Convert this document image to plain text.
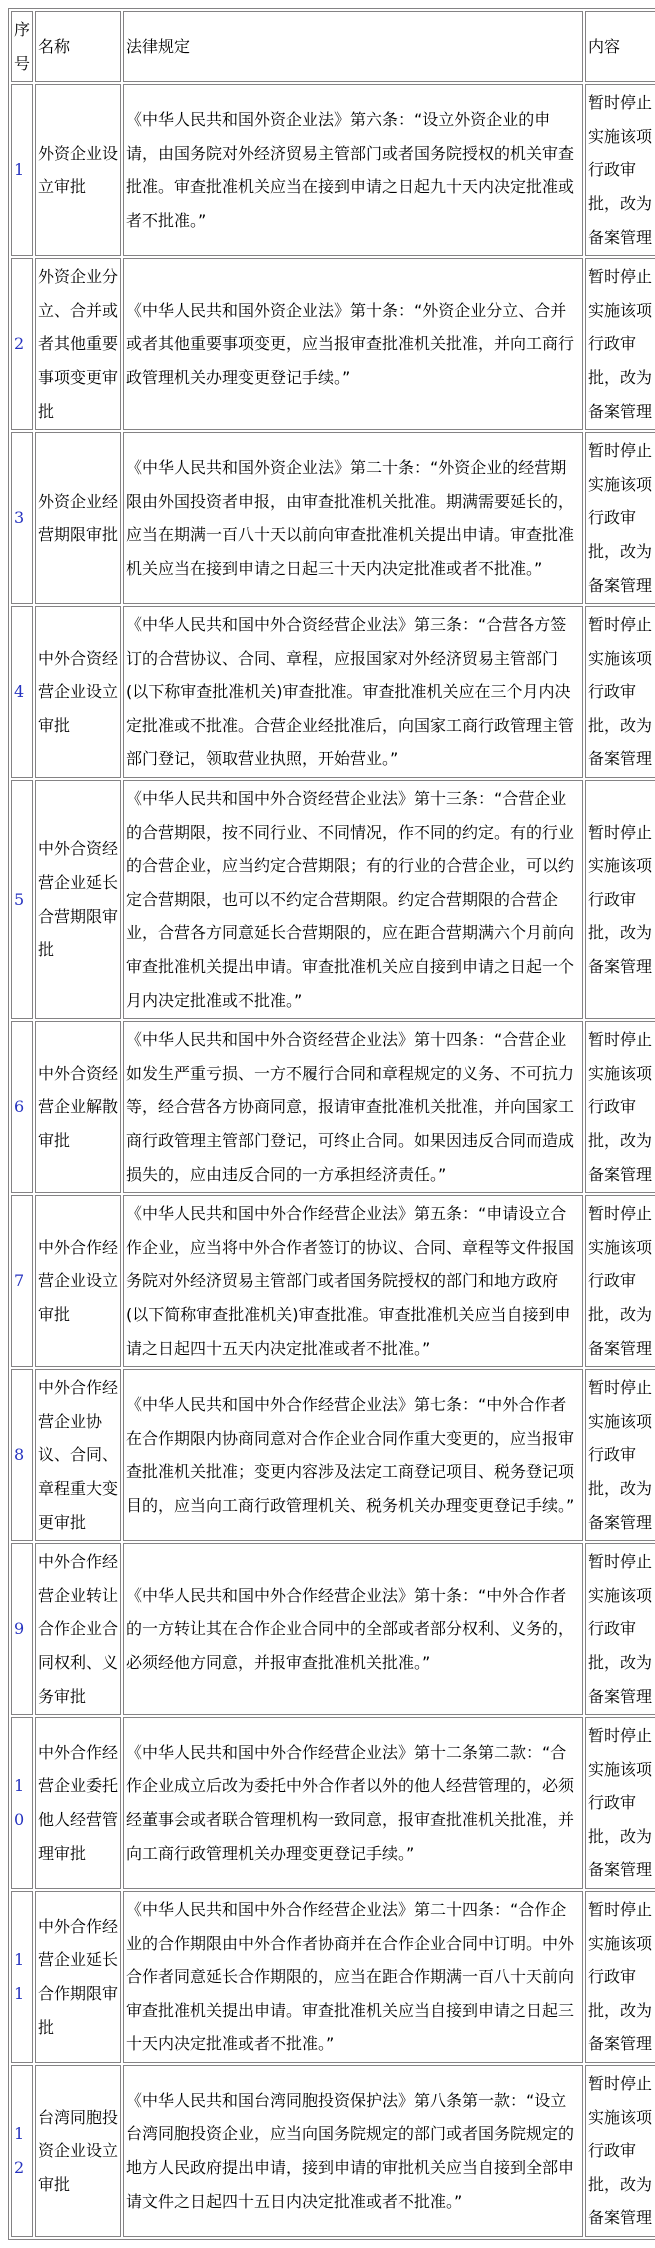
序号	名称	法律规定	内容
1	外资企业设立审批	《中华人民共和国外资企业法》第六条：“设立外资企业的申请，由国务院对外经济贸易主管部门或者国务院授权的机关审查批准。审查批准机关应当在接到申请之日起九十天内决定批准或者不批准。”	暂时停止实施该项行政审批，改为备案管理
2	外资企业分立、合并或者其他重要事项变更审批	《中华人民共和国外资企业法》第十条：“外资企业分立、合并或者其他重要事项变更，应当报审查批准机关批准，并向工商行政管理机关办理变更登记手续。”	暂时停止实施该项行政审批，改为备案管理
3	外资企业经营期限审批	《中华人民共和国外资企业法》第二十条：“外资企业的经营期限由外国投资者申报，由审查批准机关批准。期满需要延长的，应当在期满一百八十天以前向审查批准机关提出申请。审查批准机关应当在接到申请之日起三十天内决定批准或者不批准。”	暂时停止实施该项行政审批，改为备案管理
4	中外合资经营企业设立审批	《中华人民共和国中外合资经营企业法》第三条：“合营各方签订的合营协议、合同、章程，应报国家对外经济贸易主管部门(以下称审查批准机关)审查批准。审查批准机关应在三个月内决定批准或不批准。合营企业经批准后，向国家工商行政管理主管部门登记，领取营业执照，开始营业。”	暂时停止实施该项行政审批，改为备案管理
5	中外合资经营企业延长合营期限审批	《中华人民共和国中外合资经营企业法》第十三条：“合营企业的合营期限，按不同行业、不同情况，作不同的约定。有的行业的合营企业，应当约定合营期限；有的行业的合营企业，可以约定合营期限，也可以不约定合营期限。约定合营期限的合营企业，合营各方同意延长合营期限的，应在距合营期满六个月前向审查批准机关提出申请。审查批准机关应自接到申请之日起一个月内决定批准或不批准。”	暂时停止实施该项行政审批，改为备案管理
6	中外合资经营企业解散审批	《中华人民共和国中外合资经营企业法》第十四条：“合营企业如发生严重亏损、一方不履行合同和章程规定的义务、不可抗力等，经合营各方协商同意，报请审查批准机关批准，并向国家工商行政管理主管部门登记，可终止合同。如果因违反合同而造成损失的，应由违反合同的一方承担经济责任。”	暂时停止实施该项行政审批，改为备案管理
7	中外合作经营企业设立审批	《中华人民共和国中外合作经营企业法》第五条：“申请设立合作企业，应当将中外合作者签订的协议、合同、章程等文件报国务院对外经济贸易主管部门或者国务院授权的部门和地方政府(以下简称审查批准机关)审查批准。审查批准机关应当自接到申请之日起四十五天内决定批准或者不批准。”	暂时停止实施该项行政审批，改为备案管理
8	中外合作经营企业协议、合同、章程重大变更审批	《中华人民共和国中外合作经营企业法》第七条：“中外合作者在合作期限内协商同意对合作企业合同作重大变更的，应当报审查批准机关批准；变更内容涉及法定工商登记项目、税务登记项目的，应当向工商行政管理机关、税务机关办理变更登记手续。”	暂时停止实施该项行政审批，改为备案管理
9	中外合作经营企业转让合作企业合同权利、义务审批	《中华人民共和国中外合作经营企业法》第十条：“中外合作者的一方转让其在合作企业合同中的全部或者部分权利、义务的，必须经他方同意，并报审查批准机关批准。”	暂时停止实施该项行政审批，改为备案管理
10	中外合作经营企业委托他人经营管理审批	《中华人民共和国中外合作经营企业法》第十二条第二款：“合作企业成立后改为委托中外合作者以外的他人经营管理的，必须经董事会或者联合管理机构一致同意，报审查批准机关批准，并向工商行政管理机关办理变更登记手续。”	暂时停止实施该项行政审批，改为备案管理
11	中外合作经营企业延长合作期限审批	《中华人民共和国中外合作经营企业法》第二十四条：“合作企业的合作期限由中外合作者协商并在合作企业合同中订明。中外合作者同意延长合作期限的，应当在距合作期满一百八十天前向审查批准机关提出申请。审查批准机关应当自接到申请之日起三十天内决定批准或者不批准。”	暂时停止实施该项行政审批，改为备案管理
12	台湾同胞投资企业设立审批	《中华人民共和国台湾同胞投资保护法》第八条第一款：“设立台湾同胞投资企业，应当向国务院规定的部门或者国务院规定的地方人民政府提出申请，接到申请的审批机关应当自接到全部申请文件之日起四十五日内决定批准或者不批准。”	暂时停止实施该项行政审批，改为备案管理
